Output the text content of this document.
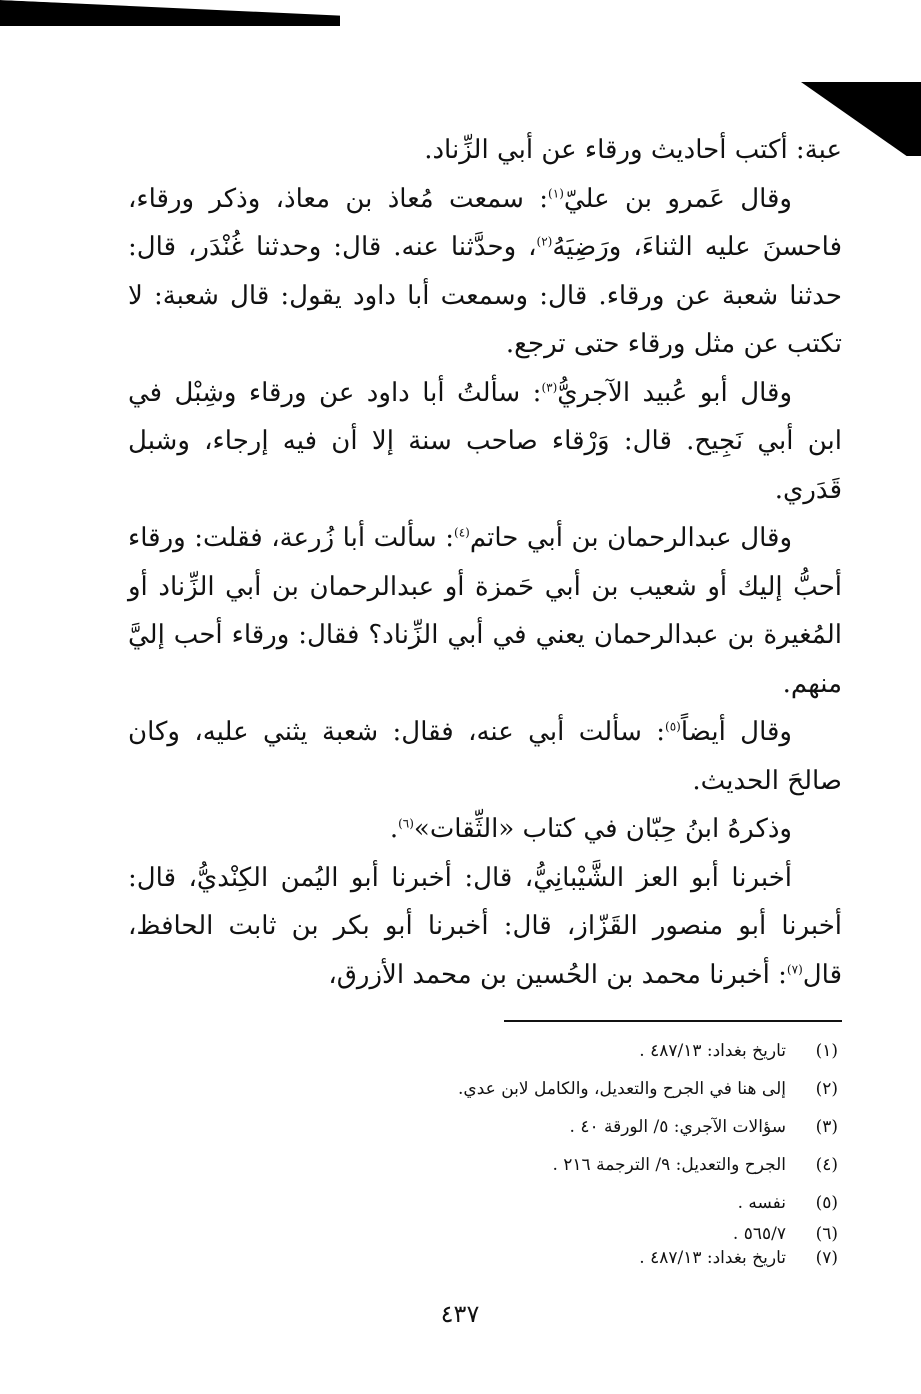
عبة: أكتب أحاديث ورقاء عن أبي الزِّناد.

وقال عَمرو بن عليّ$^{(١)}$: سمعت مُعاذ بن معاذ، وذكر ورقاء، فاحسنَ عليه الثناءَ، ورَضِيَهُ$^{(٢)}$، وحدَّثنا عنه. قال: وحدثنا غُنْدَر، قال: حدثنا شعبة عن ورقاء. قال: وسمعت أبا داود يقول: قال شعبة: لا تكتب عن مثل ورقاء حتى ترجع.

وقال أبو عُبيد الآجريُّ$^{(٣)}$: سألتُ أبا داود عن ورقاء وشِبْل في ابن أبي نَجِيح. قال: وَرْقاء صاحب سنة إلا أن فيه إرجاء، وشبل قَدَري.

وقال عبدالرحمان بن أبي حاتم$^{(٤)}$: سألت أبا زُرعة، فقلت: ورقاء أحبُّ إليك أو شعيب بن أبي حَمزة أو عبدالرحمان بن أبي الزِّناد أو المُغيرة بن عبدالرحمان يعني في أبي الزِّناد؟ فقال: ورقاء أحب إليَّ منهم.

وقال أيضاً$^{(٥)}$: سألت أبي عنه، فقال: شعبة يثني عليه، وكان صالحَ الحديث.

وذكرهُ ابنُ حِبّان في كتاب «الثِّقات»$^{(٦)}$.

أخبرنا أبو العز الشَّيْبانِيُّ، قال: أخبرنا أبو اليُمن الكِنْديُّ، قال: أخبرنا أبو منصور القَزّاز، قال: أخبرنا أبو بكر بن ثابت الحافظ، قال$^{(٧)}$: أخبرنا محمد بن الحُسين بن محمد الأزرق،

(١)
تاريخ بغداد: ٤٨٧/١٣ .
(٢)
إلى هنا في الجرح والتعديل، والكامل لابن عدي.
(٣)
سؤالات الآجري: ٥/ الورقة ٤٠ .
(٤)
الجرح والتعديل: ٩/ الترجمة ٢١٦ .
(٥)
نفسه .
(٦)
٥٦٥/٧ .
(٧)
تاريخ بغداد: ٤٨٧/١٣ .
٤٣٧
